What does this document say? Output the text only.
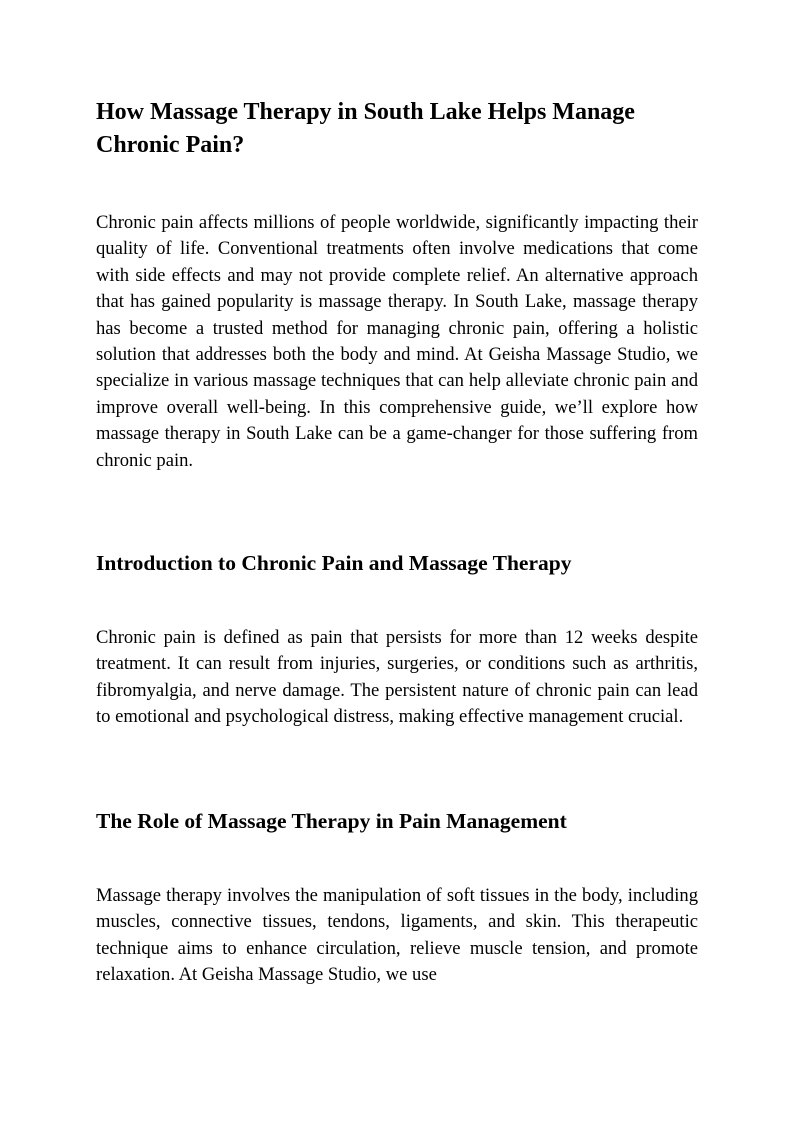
How Massage Therapy in South Lake Helps Manage Chronic Pain?

Chronic pain affects millions of people worldwide, significantly impacting their quality of life. Conventional treatments often involve medications that come with side effects and may not provide complete relief. An alternative approach that has gained popularity is massage therapy. In South Lake, massage therapy has become a trusted method for managing chronic pain, offering a holistic solution that addresses both the body and mind. At Geisha Massage Studio, we specialize in various massage techniques that can help alleviate chronic pain and improve overall well-being. In this comprehensive guide, we’ll explore how massage therapy in South Lake can be a game-changer for those suffering from chronic pain.

Introduction to Chronic Pain and Massage Therapy

Chronic pain is defined as pain that persists for more than 12 weeks despite treatment. It can result from injuries, surgeries, or conditions such as arthritis, fibromyalgia, and nerve damage. The persistent nature of chronic pain can lead to emotional and psychological distress, making effective management crucial.

The Role of Massage Therapy in Pain Management

Massage therapy involves the manipulation of soft tissues in the body, including muscles, connective tissues, tendons, ligaments, and skin. This therapeutic technique aims to enhance circulation, relieve muscle tension, and promote relaxation. At Geisha Massage Studio, we use
